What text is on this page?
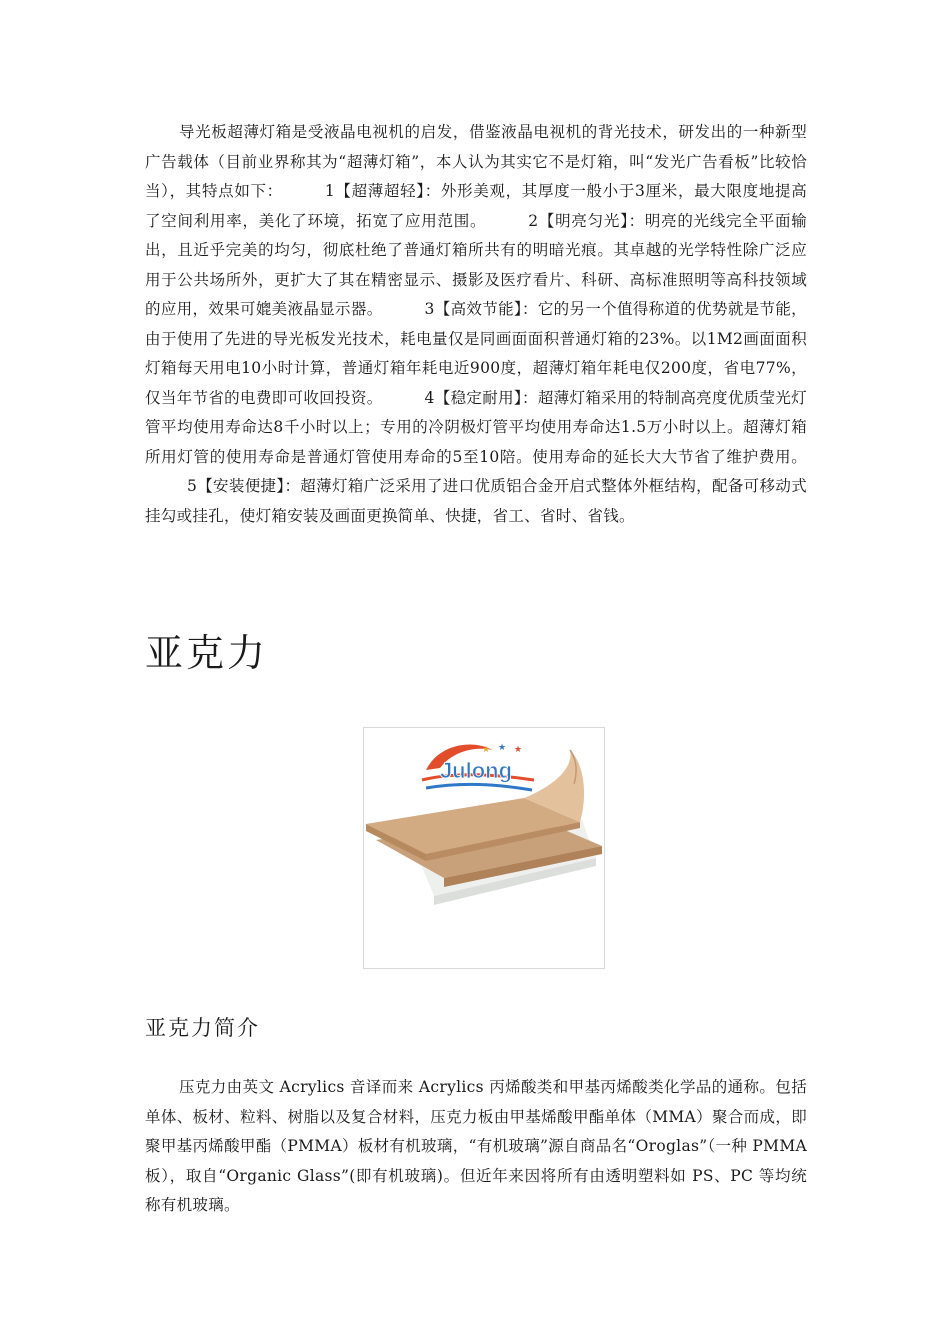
导光板超薄灯箱是受液晶电视机的启发，借鉴液晶电视机的背光技术，研发出的一种新型广告载体（目前业界称其为“超薄灯箱”，本人认为其实它不是灯箱，叫“发光广告看板”比较恰当），其特点如下：	1【超薄超轻】：外形美观，其厚度一般小于3厘米，最大限度地提高了空间利用率，美化了环境，拓宽了应用范围。	2【明亮匀光】：明亮的光线完全平面输出，且近乎完美的均匀，彻底杜绝了普通灯箱所共有的明暗光痕。其卓越的光学特性除广泛应用于公共场所外，更扩大了其在精密显示、摄影及医疗看片、科研、高标准照明等高科技领域的应用，效果可媲美液晶显示器。	3【高效节能】：它的另一个值得称道的优势就是节能，由于使用了先进的导光板发光技术，耗电量仅是同画面面积普通灯箱的23%。以1M2画面面积灯箱每天用电10小时计算，普通灯箱年耗电近900度，超薄灯箱年耗电仅200度，省电77%，仅当年节省的电费即可收回投资。	4【稳定耐用】：超薄灯箱采用的特制高亮度优质莹光灯管平均使用寿命达8千小时以上；专用的冷阴极灯管平均使用寿命达1.5万小时以上。超薄灯箱所用灯管的使用寿命是普通灯管使用寿命的5至10陪。使用寿命的延长大大节省了维护费用。5【安装便捷】：超薄灯箱广泛采用了进口优质铝合金开启式整体外框结构，配备可移动式挂勾或挂孔，使灯箱安装及画面更换简单、快捷，省工、省时、省钱。

亚克力
Julong
★ ★ ★
亚克力简介

压克力由英文 Acrylics 音译而来 Acrylics 丙烯酸类和甲基丙烯酸类化学品的通称。包括单体、板材、粒料、树脂以及复合材料，压克力板由甲基烯酸甲酯单体（MMA）聚合而成，即聚甲基丙烯酸甲酯（PMMA）板材有机玻璃，“有机玻璃”源自商品名“Oroglas”（一种 PMMA 板），取自“Organic Glass”(即有机玻璃)。但近年来因将所有由透明塑料如 PS、PC 等均统称有机玻璃。
